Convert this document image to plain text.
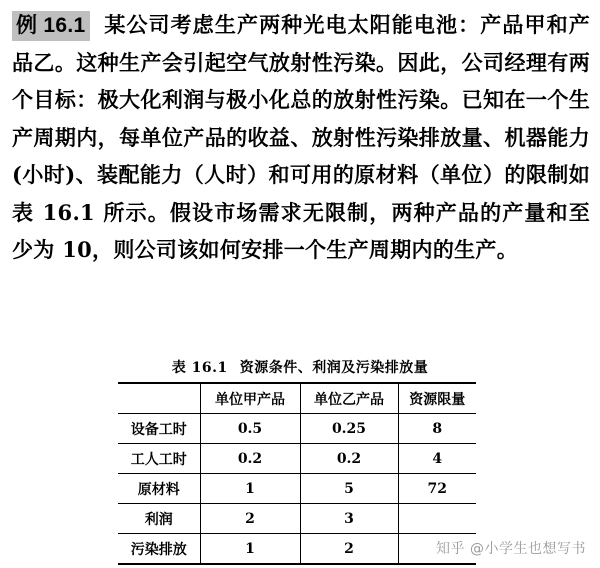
例 16.1 某公司考虑生产两种光电太阳能电池：产品甲和产品乙。这种生产会引起空气放射性污染。因此，公司经理有两个目标：极大化利润与极小化总的放射性污染。已知在一个生产周期内，每单位产品的收益、放射性污染排放量、机器能力(小时)、装配能力（人时）和可用的原材料（单位）的限制如表 16.1 所示。假设市场需求无限制，两种产品的产量和至少为 10，则公司该如何安排一个生产周期内的生产。
表 16.1 资源条件、利润及污染排放量
	单位甲产品	单位乙产品	资源限量
设备工时	0.5	0.25	8
工人工时	0.2	0.2	4
原材料	1	5	72
利润	2	3	
污染排放	1	2		知乎 @小学生也想写书
